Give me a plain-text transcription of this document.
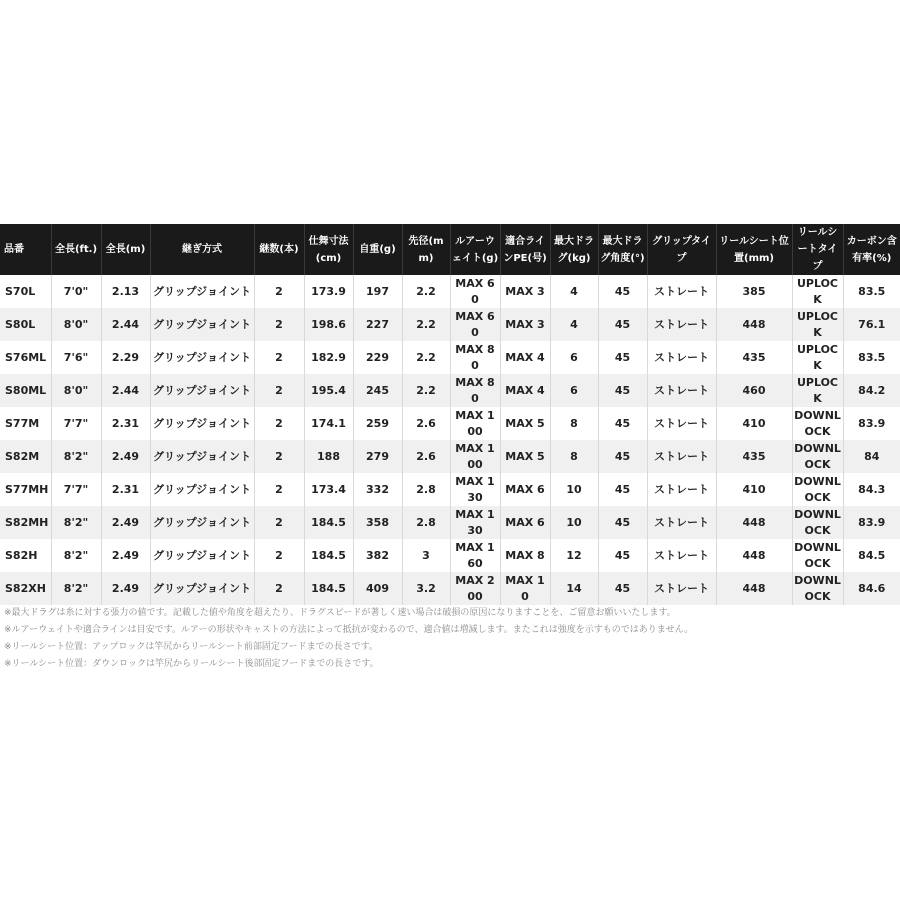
品番	全長(ft.)	全長(m)	継ぎ方式	継数(本)	仕舞寸法(cm)	自重(g)	先径(mm)	ルアーウェイト(g)	適合ラインPE(号)	最大ドラグ(kg)	最大ドラグ角度(°)	グリップタイプ	リールシート位置(mm)	リールシートタイプ	カーボン含有率(%)
S70L	7'0"	2.13	グリップジョイント	2	173.9	197	2.2	MAX 60	MAX 3	4	45	ストレート	385	UPLOCK	83.5
S80L	8'0"	2.44	グリップジョイント	2	198.6	227	2.2	MAX 60	MAX 3	4	45	ストレート	448	UPLOCK	76.1
S76ML	7'6"	2.29	グリップジョイント	2	182.9	229	2.2	MAX 80	MAX 4	6	45	ストレート	435	UPLOCK	83.5
S80ML	8'0"	2.44	グリップジョイント	2	195.4	245	2.2	MAX 80	MAX 4	6	45	ストレート	460	UPLOCK	84.2
S77M	7'7"	2.31	グリップジョイント	2	174.1	259	2.6	MAX 100	MAX 5	8	45	ストレート	410	DOWNLOCK	83.9
S82M	8'2"	2.49	グリップジョイント	2	188	279	2.6	MAX 100	MAX 5	8	45	ストレート	435	DOWNLOCK	84
S77MH	7'7"	2.31	グリップジョイント	2	173.4	332	2.8	MAX 130	MAX 6	10	45	ストレート	410	DOWNLOCK	84.3
S82MH	8'2"	2.49	グリップジョイント	2	184.5	358	2.8	MAX 130	MAX 6	10	45	ストレート	448	DOWNLOCK	83.9
S82H	8'2"	2.49	グリップジョイント	2	184.5	382	3	MAX 160	MAX 8	12	45	ストレート	448	DOWNLOCK	84.5
S82XH	8'2"	2.49	グリップジョイント	2	184.5	409	3.2	MAX 200	MAX 10	14	45	ストレート	448	DOWNLOCK	84.6
※最大ドラグは糸に対する張力の値です。記載した値や角度を超えたり、ドラグスピードが著しく速い場合は破損の原因になりますことを、ご留意お願いいたします。
※ルアーウェイトや適合ラインは目安です。ルアーの形状やキャストの方法によって抵抗が変わるので、適合値は増減します。またこれは強度を示すものではありません。
※リールシート位置：アップロックは竿尻からリールシート前部固定フードまでの長さです。
※リールシート位置：ダウンロックは竿尻からリールシート後部固定フードまでの長さです。
